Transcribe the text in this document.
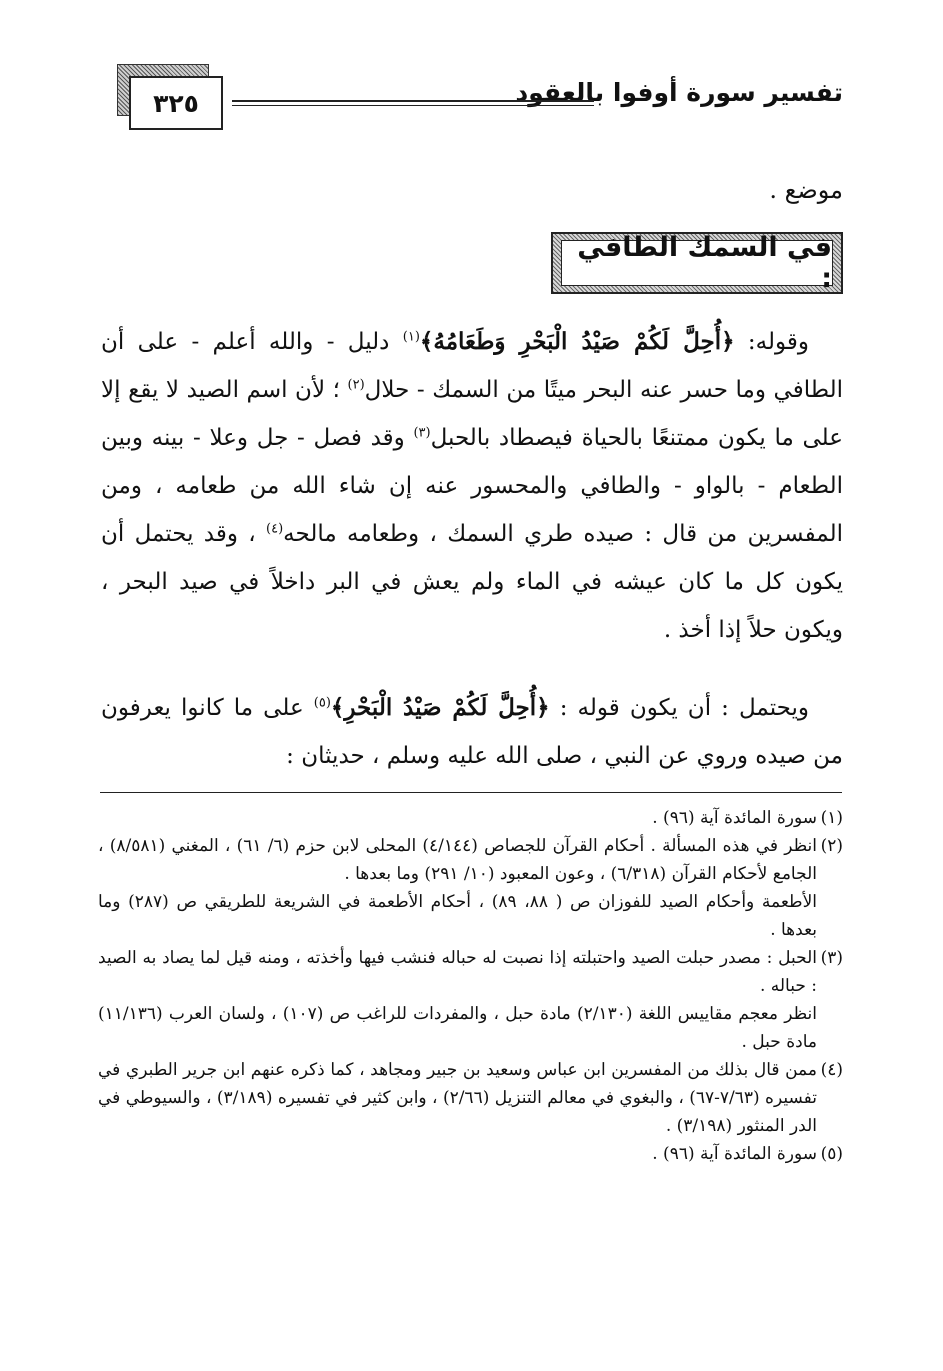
تفسير سورة أوفوا بالعقود
٣٢٥
موضع .
في السمك الطافي :

وقوله: ﴿أُحِلَّ لَكُمْ صَيْدُ الْبَحْرِ وَطَعَامُهُ﴾$^{(١)}$ دليل - والله أعلم - على أن الطافي وما حسر عنه البحر ميتًا من السمك - حلال$^{(٢)}$ ؛ لأن اسم الصيد لا يقع إلا على ما يكون ممتنعًا بالحياة فيصطاد بالحبل$^{(٣)}$ وقد فصل - جل وعلا - بينه وبين الطعام - بالواو - والطافي والمحسور عنه إن شاء الله من طعامه ، ومن المفسرين من قال : صيده طري السمك ، وطعامه مالحه$^{(٤)}$ ، وقد يحتمل أن يكون كل ما كان عيشه في الماء ولم يعش في البر داخلاً في صيد البحر ، ويكون حلاً إذا أخذ .

ويحتمل : أن يكون قوله : ﴿أُحِلَّ لَكُمْ صَيْدُ الْبَحْرِ﴾$^{(٥)}$ على ما كانوا يعرفون من صيده وروي عن النبي ، صلى الله عليه وسلم ، حديثان :

(١)
سورة المائدة آية (٩٦) .
(٢)
انظر في هذه المسألة . أحكام القرآن للجصاص (٤/١٤٤) المحلى لابن حزم (٦/ ٦١) ، المغني (٨/٥٨١) ، الجامع لأحكام القرآن (٦/٣١٨) ، وعون المعبود (١٠/ ٢٩١) وما بعدها .
الأطعمة وأحكام الصيد للفوزان ص ( ٨٨، ٨٩) ، أحكام الأطعمة في الشريعة للطريقي ص (٢٨٧) وما بعدها .
(٣)
الحبل : مصدر حبلت الصيد واحتبلته إذا نصبت له حباله فنشب فيها وأخذته ، ومنه قيل لما يصاد به الصيد : حباله .
انظر معجم مقاييس اللغة (٢/١٣٠) مادة حبل ، والمفردات للراغب ص (١٠٧) ، ولسان العرب (١١/١٣٦) مادة حبل .
(٤)
ممن قال بذلك من المفسرين ابن عباس وسعيد بن جبير ومجاهد ، كما ذكره عنهم ابن جرير الطبري في تفسيره (٧/٦٣-٦٧) ، والبغوي في معالم التنزيل (٢/٦٦) ، وابن كثير في تفسيره (٣/١٨٩) ، والسيوطي في الدر المنثور (٣/١٩٨) .
(٥)
سورة المائدة آية (٩٦) .
